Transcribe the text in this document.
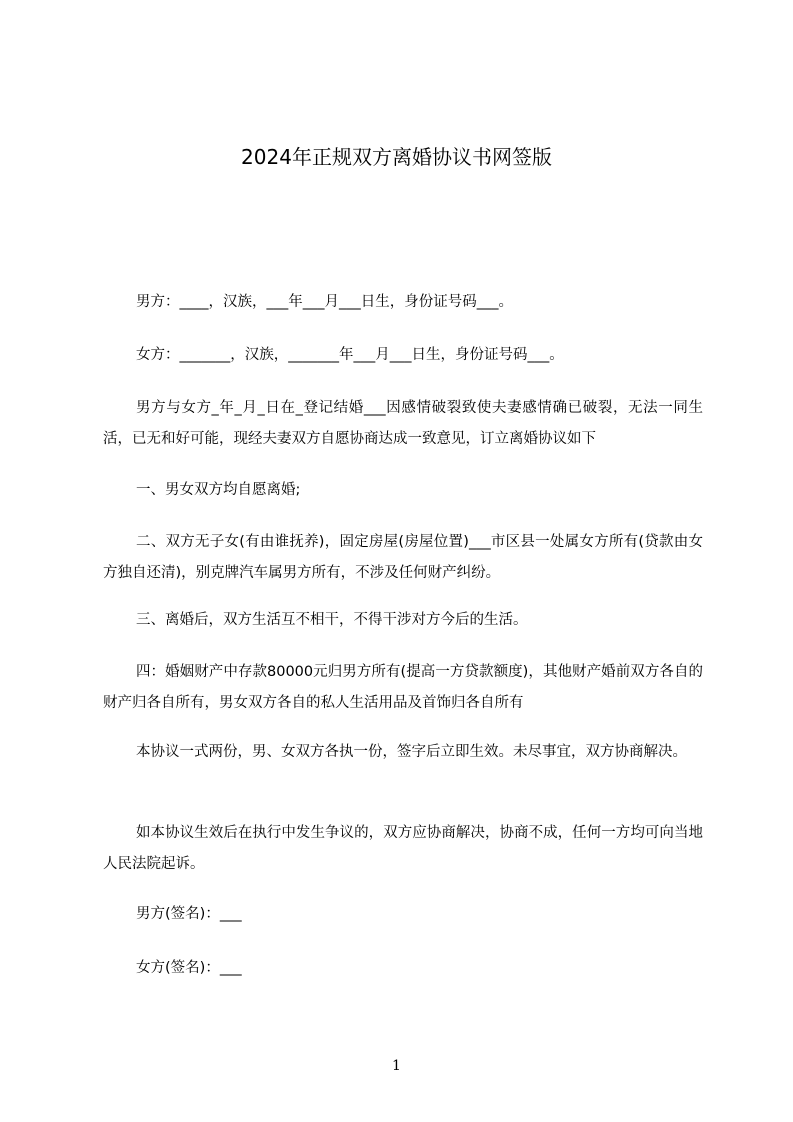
2024年正规双方离婚协议书网签版

男方：____，汉族，___年___月___日生，身份证号码___。

女方：_______，汉族，_______年___月___日生，身份证号码___。

男方与女方_年_月_日在_登记结婚___因感情破裂致使夫妻感情确已破裂，无法一同生活，已无和好可能，现经夫妻双方自愿协商达成一致意见，订立离婚协议如下

一、男女双方均自愿离婚;

二、双方无子女(有由谁抚养)，固定房屋(房屋位置)___市区县一处属女方所有(贷款由女方独自还清)，别克牌汽车属男方所有，不涉及任何财产纠纷。

三、离婚后，双方生活互不相干，不得干涉对方今后的生活。

四：婚姻财产中存款80000元归男方所有(提高一方贷款额度)，其他财产婚前双方各自的财产归各自所有，男女双方各自的私人生活用品及首饰归各自所有

本协议一式两份，男、女双方各执一份，签字后立即生效。未尽事宜，双方协商解决。

如本协议生效后在执行中发生争议的，双方应协商解决，协商不成，任何一方均可向当地人民法院起诉。

男方(签名)：___

女方(签名)：___

1
